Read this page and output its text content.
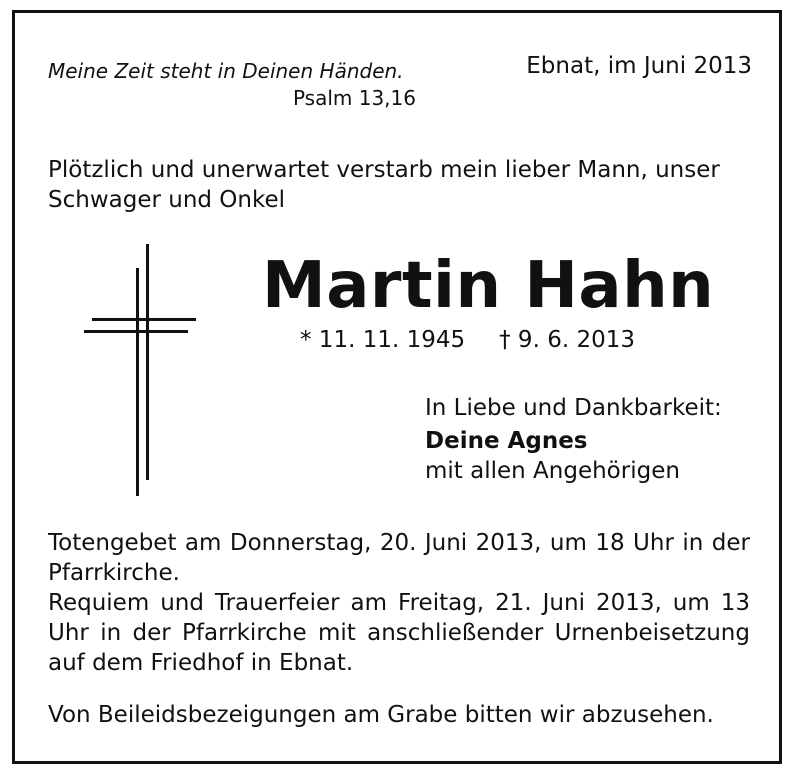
Meine Zeit steht in Deinen Händen.
Psalm 13,16
Ebnat, im Juni 2013
Plötzlich und unerwartet verstarb mein lieber Mann, unser Schwager und Onkel
Martin Hahn
* 11. 11. 1945 † 9. 6. 2013
In Liebe und Dankbarkeit:
Deine Agnes
mit allen Angehörigen

Totengebet am Donnerstag, 20. Juni 2013, um 18 Uhr in der Pfarrkirche.

Requiem und Trauerfeier am Freitag, 21. Juni 2013, um 13 Uhr in der Pfarrkirche mit anschließender Urnenbeisetzung auf dem Friedhof in Ebnat.

Von Beileidsbezeigungen am Grabe bitten wir abzusehen.
